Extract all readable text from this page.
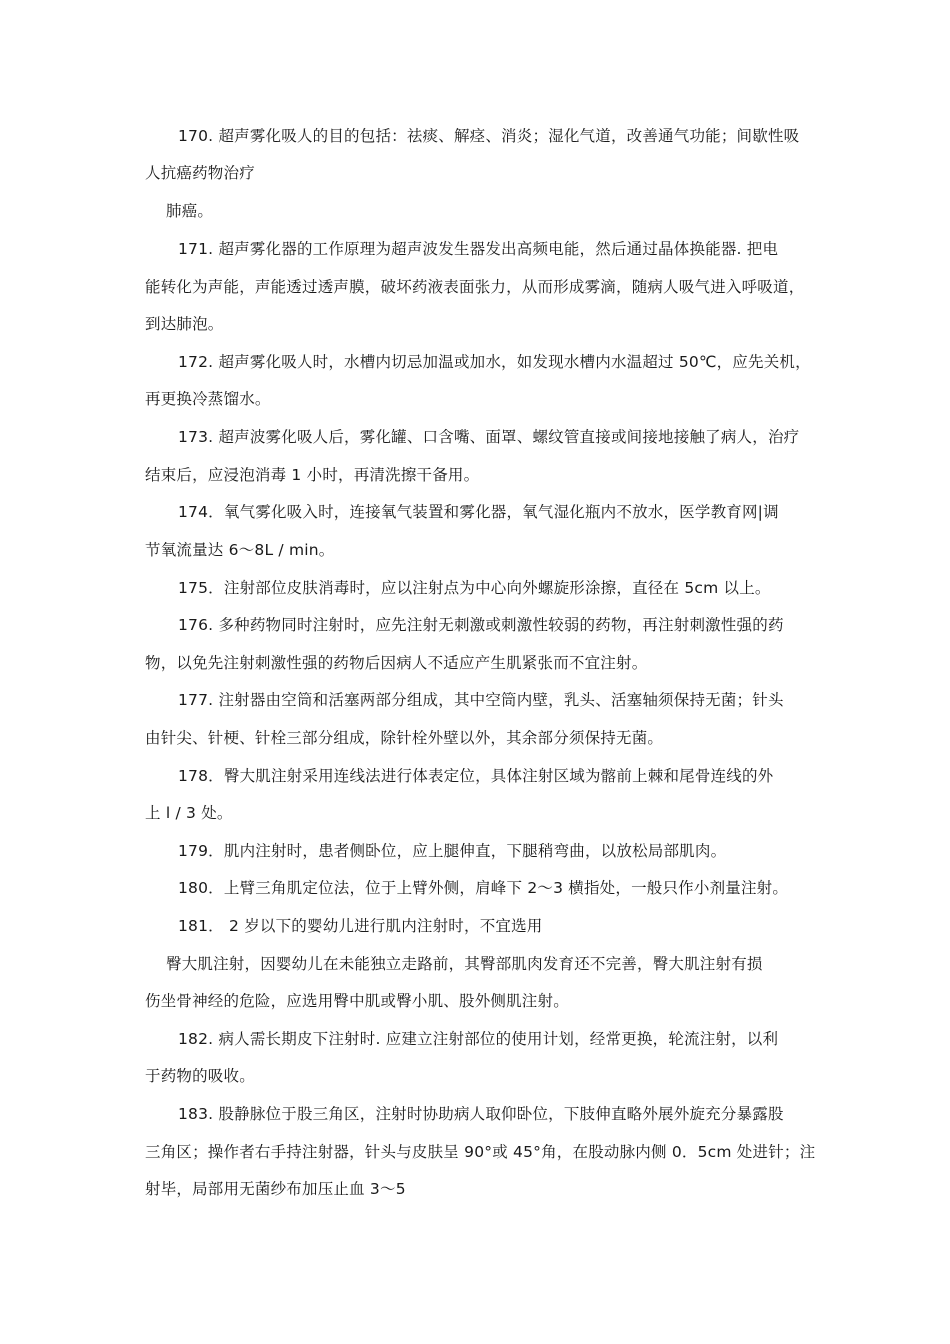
170. 超声雾化吸人的目的包括：祛痰、解痉、消炎；湿化气道，改善通气功能；间歇性吸
人抗癌药物治疗
肺癌。
171. 超声雾化器的工作原理为超声波发生器发出高频电能，然后通过晶体换能器. 把电
能转化为声能，声能透过透声膜，破坏药液表面张力，从而形成雾滴，随病人吸气进入呼吸道，
到达肺泡。
172. 超声雾化吸人时，水槽内切忌加温或加水，如发现水槽内水温超过 50℃，应先关机，
再更换冷蒸馏水。
173. 超声波雾化吸人后，雾化罐、口含嘴、面罩、螺纹管直接或间接地接触了病人，治疗
结束后，应浸泡消毒 1 小时，再清洗擦干备用。
174．氧气雾化吸入时，连接氧气装置和雾化器，氧气湿化瓶内不放水，医学教育网|调
节氧流量达 6～8L / min。
175．注射部位皮肤消毒时，应以注射点为中心向外螺旋形涂擦，直径在 5cm 以上。
176. 多种药物同时注射时，应先注射无刺激或刺激性较弱的药物，再注射刺激性强的药
物，以免先注射刺激性强的药物后因病人不适应产生肌紧张而不宜注射。
177. 注射器由空筒和活塞两部分组成，其中空筒内壁，乳头、活塞轴须保持无菌；针头
由针尖、针梗、针栓三部分组成，除针栓外壁以外，其余部分须保持无菌。
178．臀大肌注射采用连线法进行体表定位，具体注射区域为髂前上棘和尾骨连线的外
上 l / 3 处。
179．肌内注射时，患者侧卧位，应上腿伸直，下腿稍弯曲，以放松局部肌肉。
180．上臂三角肌定位法，位于上臂外侧，肩峰下 2～3 横指处，一般只作小剂量注射。
181． 2 岁以下的婴幼儿进行肌内注射时，不宜选用
臀大肌注射，因婴幼儿在未能独立走路前，其臀部肌肉发育还不完善，臀大肌注射有损
伤坐骨神经的危险，应选用臀中肌或臀小肌、股外侧肌注射。
182. 病人需长期皮下注射时. 应建立注射部位的使用计划，经常更换，轮流注射，以利
于药物的吸收。
183. 股静脉位于股三角区，注射时协助病人取仰卧位，下肢伸直略外展外旋充分暴露股
三角区；操作者右手持注射器，针头与皮肤呈 90°或 45°角，在股动脉内侧 0．5cm 处进针；注
射毕，局部用无菌纱布加压止血 3～5
